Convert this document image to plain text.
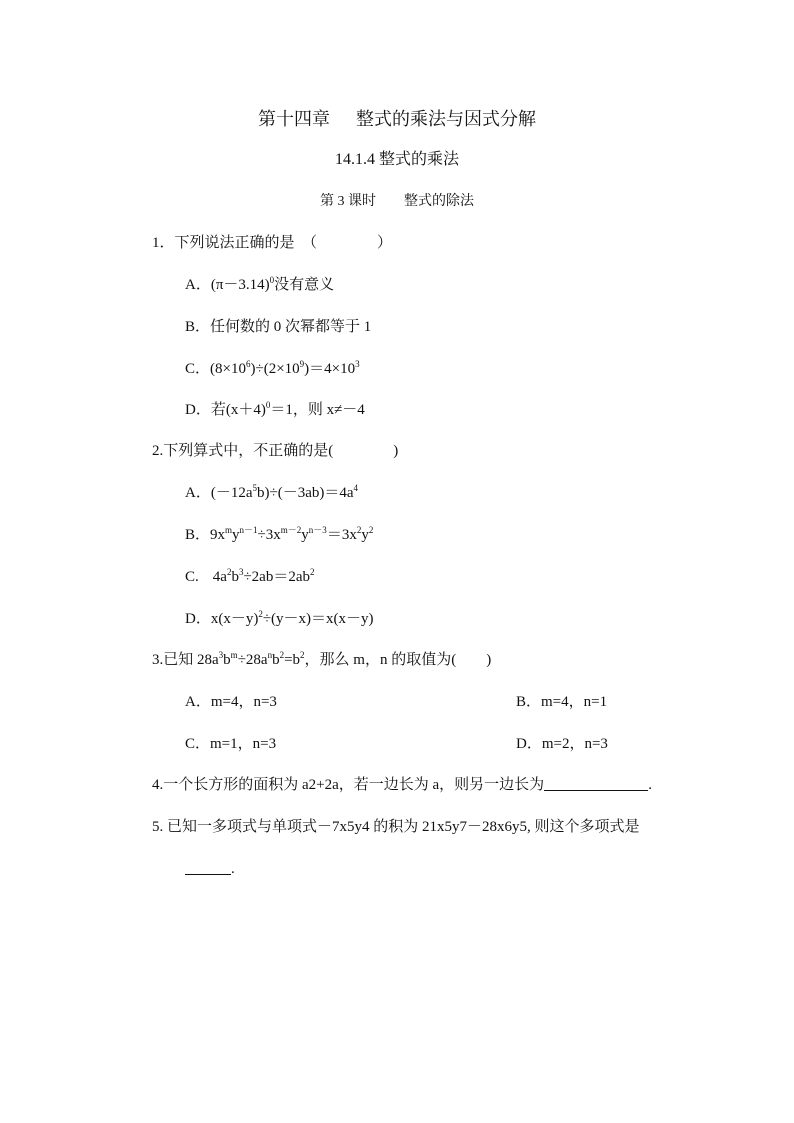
第十四章 整式的乘法与因式分解
14.1.4 整式的乘法
第 3 课时 整式的除法
1．下列说法正确的是　（　　　　）
A．$(\pi-3.14)^0$没有意义
B．任何数的 0 次幂都等于 1
C．$(8\times 10^6)\div(2\times 10^9)=4\times 10^3$
D．若$(x+4)^0=1$，则 x≠－4
2.下列算式中，不正确的是(　　　　)
A．$(-12a^5b)\div(-3ab)=4a^4$
B．$9x^my^{n-1}\div 3x^{m-2}y^{n-3}=3x^2y^2$
C. $4a^2b^3\div 2ab=2ab^2$
D．$x(x-y)^2\div(y-x)=x(x-y)$
3.已知 $28a^3b^m\div 28a^nb^2=b^2$，那么 m，n 的取值为(　　)
A．m=4，n=3	B．m=4，n=1
C．m=1，n=3	D．m=2，n=3
4.一个长方形的面积为 a2+2a，若一边长为 a，则另一边长为	.
5. 已知一多项式与单项式－7x5y4 的积为 21x5y7－28x6y5, 则这个多项式是
.
